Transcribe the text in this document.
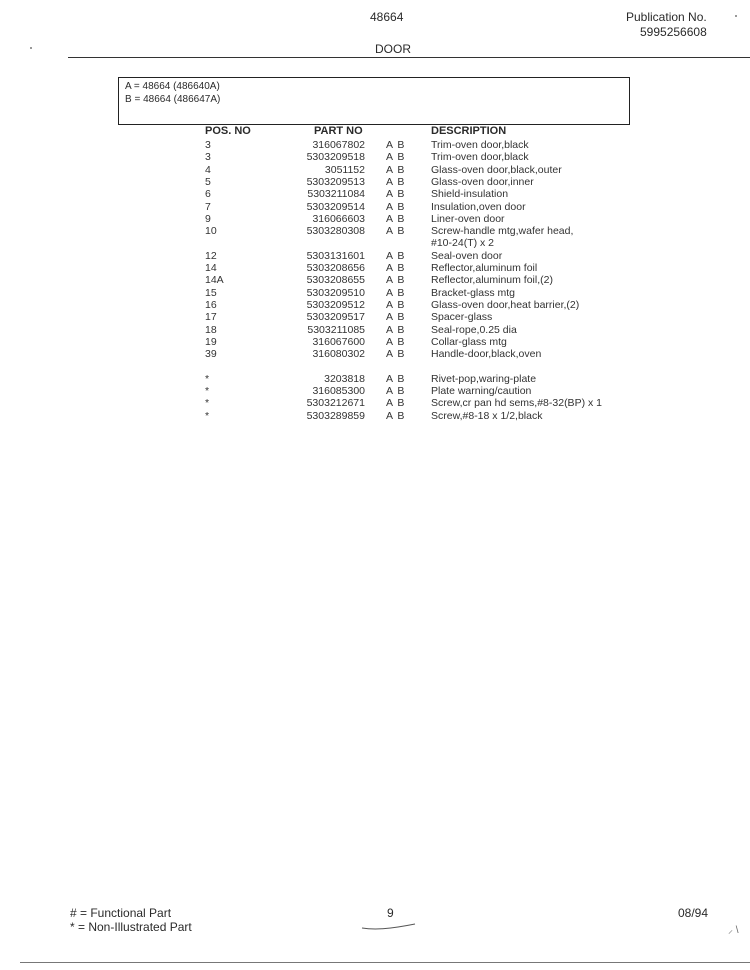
48664	Publication No.
5995256608
DOOR
A = 48664 (486640A)
B = 48664 (486647A)
POS. NO	PART NO	DESCRIPTION
3	316067802 A B Trim-oven door,black
3	5303209518 A B Trim-oven door,black
4	3051152 A B Glass-oven door,black,outer
5	5303209513 A B Glass-oven door,inner
6	5303211084 A B Shield-insulation
7	5303209514 A B Insulation,oven door
9	316066603 A B Liner-oven door
10	5303280308 A B Screw-handle mtg,wafer head,
#10-24(T) x 2
12	5303131601 A B Seal-oven door
14	5303208656 A B Reflector,aluminum foil
14A	5303208655 A B Reflector,aluminum foil,(2)
15	5303209510 A B Bracket-glass mtg
16	5303209512 A B Glass-oven door,heat barrier,(2)
17	5303209517 A B Spacer-glass
18	5303211085 A B Seal-rope,0.25 dia
19	316067600 A B Collar-glass mtg
39	316080302 A B Handle-door,black,oven
*	3203818 A B Rivet-pop,waring-plate
*	316085300 A B Plate warning/caution
*	5303212671 A B Screw,cr pan hd sems,#8-32(BP) x 1
*	5303289859 A B Screw,#8-18 x 1/2,black
# = Functional Part
* = Non-Illustrated Part
9	08/94
⸝ \
